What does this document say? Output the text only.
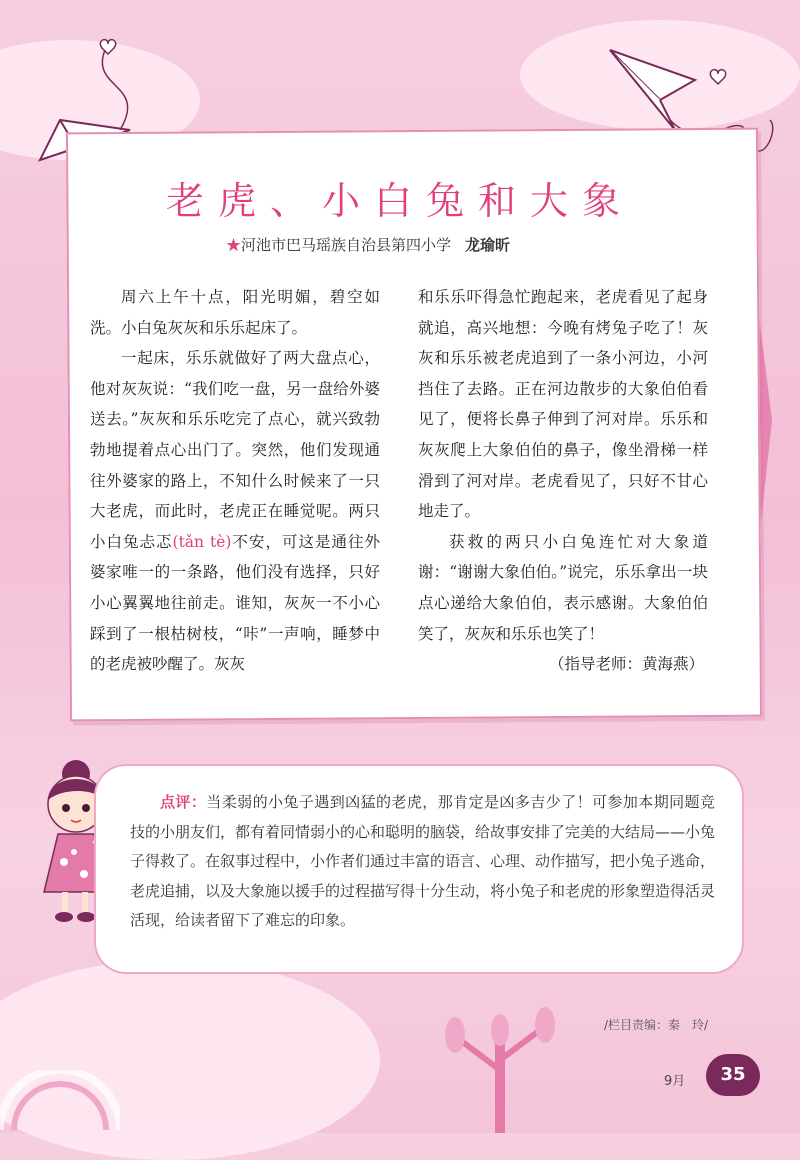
老虎、小白兔和大象
★河池市巴马瑶族自治县第四小学 龙瑜昕

周六上午十点，阳光明媚，碧空如洗。小白兔灰灰和乐乐起床了。

一起床，乐乐就做好了两大盘点心，他对灰灰说：“我们吃一盘，另一盘给外婆送去。”灰灰和乐乐吃完了点心，就兴致勃勃地提着点心出门了。突然，他们发现通往外婆家的路上，不知什么时候来了一只大老虎，而此时，老虎正在睡觉呢。两只小白兔忐忑(tǎn tè)不安，可这是通往外婆家唯一的一条路，他们没有选择，只好小心翼翼地往前走。谁知，灰灰一不小心踩到了一根枯树枝，“咔”一声响，睡梦中的老虎被吵醒了。灰灰

和乐乐吓得急忙跑起来，老虎看见了起身就追，高兴地想：今晚有烤兔子吃了！灰灰和乐乐被老虎追到了一条小河边，小河挡住了去路。正在河边散步的大象伯伯看见了，便将长鼻子伸到了河对岸。乐乐和灰灰爬上大象伯伯的鼻子，像坐滑梯一样滑到了河对岸。老虎看见了，只好不甘心地走了。

获救的两只小白兔连忙对大象道谢：“谢谢大象伯伯。”说完，乐乐拿出一块点心递给大象伯伯，表示感谢。大象伯伯笑了，灰灰和乐乐也笑了！

（指导老师：黄海燕）
点评：当柔弱的小兔子遇到凶猛的老虎，那肯定是凶多吉少了！可参加本期同题竞技的小朋友们，都有着同情弱小的心和聪明的脑袋，给故事安排了完美的大结局——小兔子得救了。在叙事过程中，小作者们通过丰富的语言、心理、动作描写，把小兔子逃命，老虎追捕，以及大象施以援手的过程描写得十分生动，将小兔子和老虎的形象塑造得活灵活现，给读者留下了难忘的印象。
/栏目责编：秦　玲/
9月	35
